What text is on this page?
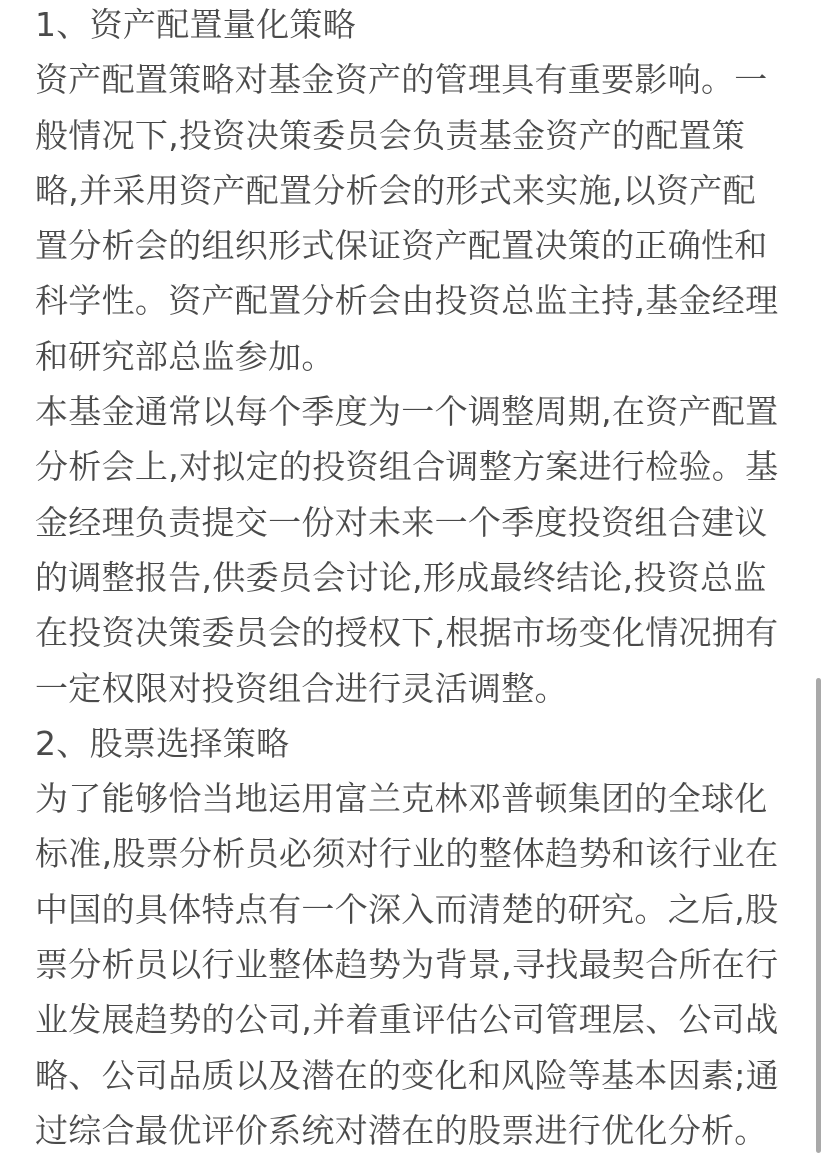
1、资产配置量化策略
资产配置策略对基金资产的管理具有重要影响。一
般情况下,投资决策委员会负责基金资产的配置策
略,并采用资产配置分析会的形式来实施,以资产配
置分析会的组织形式保证资产配置决策的正确性和
科学性。资产配置分析会由投资总监主持,基金经理
和研究部总监参加。
本基金通常以每个季度为一个调整周期,在资产配置
分析会上,对拟定的投资组合调整方案进行检验。基
金经理负责提交一份对未来一个季度投资组合建议
的调整报告,供委员会讨论,形成最终结论,投资总监
在投资决策委员会的授权下,根据市场变化情况拥有
一定权限对投资组合进行灵活调整。
2、股票选择策略
为了能够恰当地运用富兰克林邓普顿集团的全球化
标准,股票分析员必须对行业的整体趋势和该行业在
中国的具体特点有一个深入而清楚的研究。之后,股
票分析员以行业整体趋势为背景,寻找最契合所在行
业发展趋势的公司,并着重评估公司管理层、公司战
略、公司品质以及潜在的变化和风险等基本因素;通
过综合最优评价系统对潜在的股票进行优化分析。
